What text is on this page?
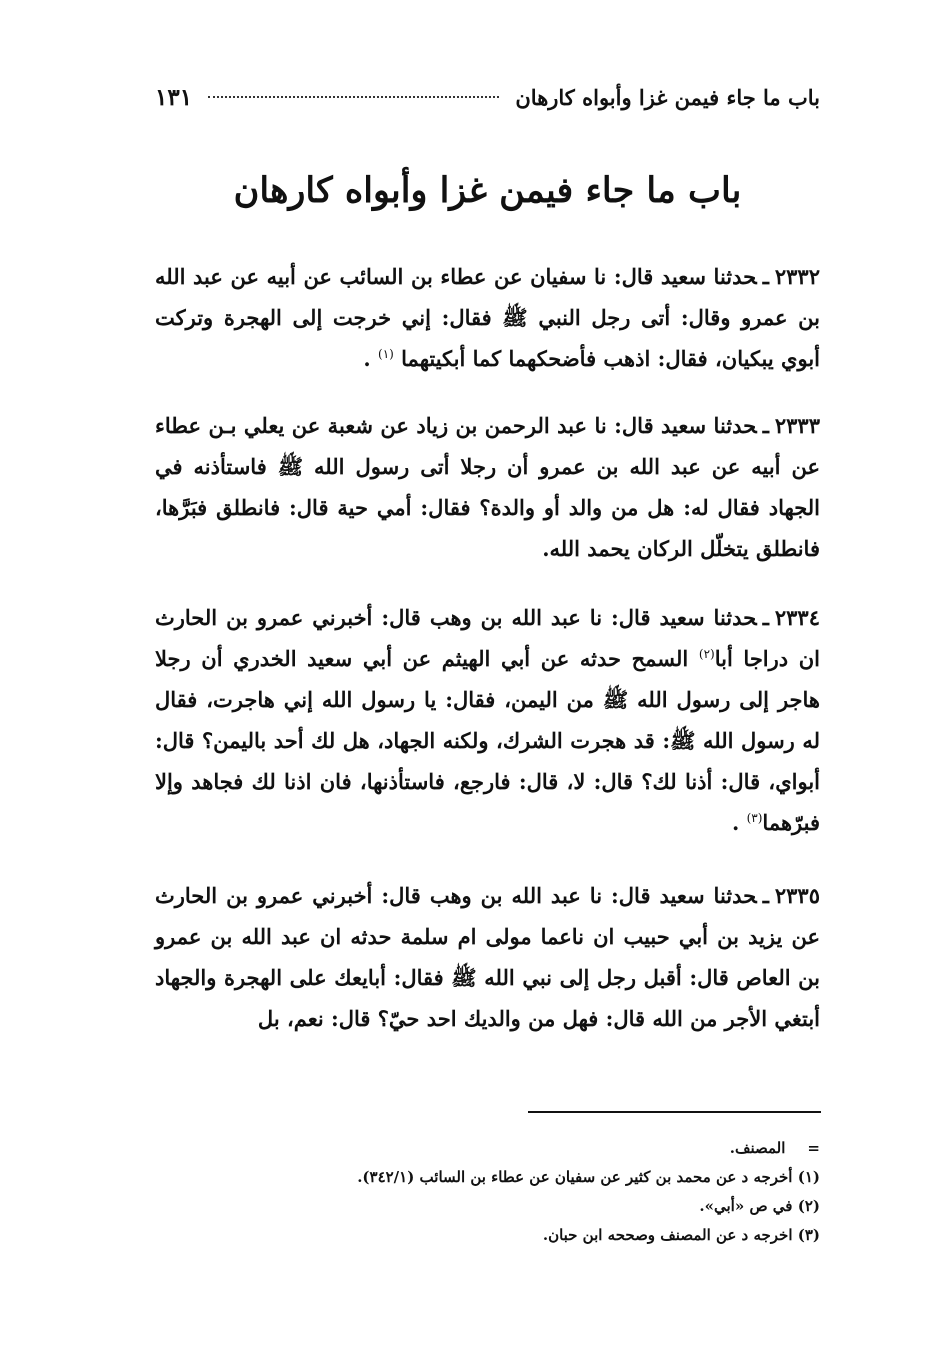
باب ما جاء فيمن غزا وأبواه كارهان
١٣١
باب ما جاء فيمن غزا وأبواه كارهان
٢٣٣٢ـحدثنا سعيد قال: نا سفيان عن عطاء بن السائب عن أبيه عن عبد الله بن عمرو وقال: أتى رجل النبي ﷺ فقال: إني خرجت إلى الهجرة وتركت أبوي يبكيان، فقال: اذهب فأضحكهما كما أبكيتهما $^{(١)}$ .
٢٣٣٣ـحدثنا سعيد قال: نا عبد الرحمن بن زياد عن شعبة عن يعلي بـن عطاء عن أبيه عن عبد الله بن عمرو أن رجلا أتى رسول الله ﷺ فاستأذنه في الجهاد فقال له: هل من والد أو والدة؟ فقال: أمي حية قال: فانطلق فبَرَّها، فانطلق يتخلّل الركان يحمد الله.
٢٣٣٤ـحدثنا سعيد قال: نا عبد الله بن وهب قال: أخبرني عمرو بن الحارث ان دراجا أبا$^{(٢)}$ السمح حدثه عن أبي الهيثم عن أبي سعيد الخدري أن رجلا هاجر إلى رسول الله ﷺ من اليمن، فقال: يا رسول الله إني هاجرت، فقال له رسول الله ﷺ: قد هجرت الشرك، ولكنه الجهاد، هل لك أحد باليمن؟ قال: أبواي، قال: أذنا لك؟ قال: لا، قال: فارجع، فاستأذنها، فان اذنا لك فجاهد وإلا فبرّهما$^{(٣)}$ .
٢٣٣٥ـحدثنا سعيد قال: نا عبد الله بن وهب قال: أخبرني عمرو بن الحارث عن يزيد بن أبي حبيب ان ناعما مولى ام سلمة حدثه ان عبد الله بن عمرو بن العاص قال: أقبل رجل إلى نبي الله ﷺ فقال: أبايعك على الهجرة والجهاد أبتغي الأجر من الله قال: فهل من والديك احد حيّ؟ قال: نعم، بل
=المصنف.
(١) أخرجه د عن محمد بن كثير عن سفيان عن عطاء بن السائب (٣٤٢/١).
(٢) في ص «أبي».
(٣) اخرجه د عن المصنف وصححه ابن حبان.
